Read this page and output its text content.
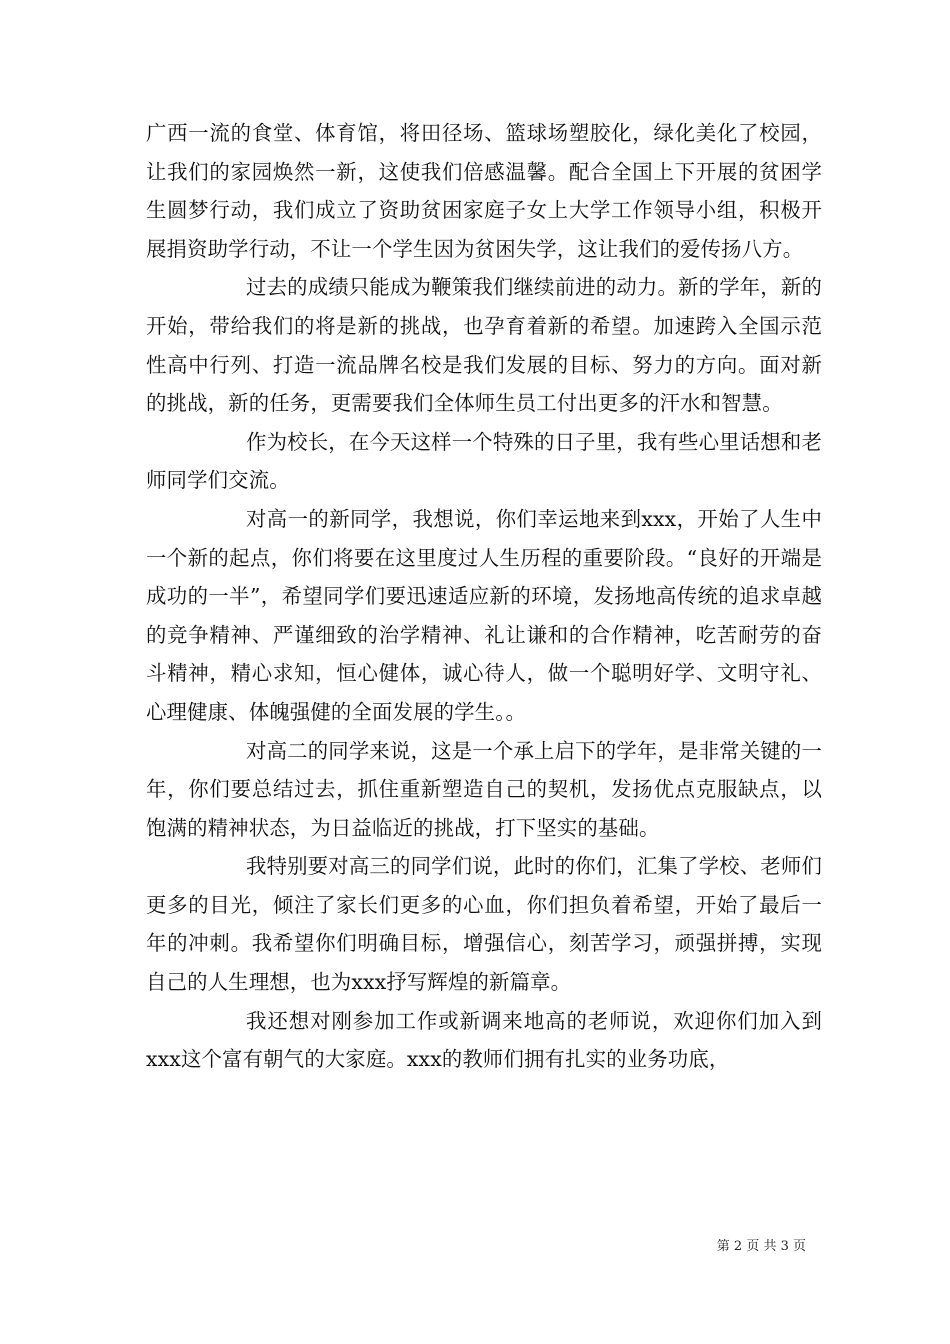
广西一流的食堂、体育馆，将田径场、篮球场塑胶化，绿化美化了校园，让我们的家园焕然一新，这使我们倍感温馨。配合全国上下开展的贫困学生圆梦行动，我们成立了资助贫困家庭子女上大学工作领导小组，积极开展捐资助学行动，不让一个学生因为贫困失学，这让我们的爱传扬八方。

过去的成绩只能成为鞭策我们继续前进的动力。新的学年，新的开始，带给我们的将是新的挑战，也孕育着新的希望。加速跨入全国示范性高中行列、打造一流品牌名校是我们发展的目标、努力的方向。面对新的挑战，新的任务，更需要我们全体师生员工付出更多的汗水和智慧。

作为校长，在今天这样一个特殊的日子里，我有些心里话想和老师同学们交流。

对高一的新同学，我想说，你们幸运地来到xxx，开始了人生中一个新的起点，你们将要在这里度过人生历程的重要阶段。“良好的开端是成功的一半”，希望同学们要迅速适应新的环境，发扬地高传统的追求卓越的竞争精神、严谨细致的治学精神、礼让谦和的合作精神，吃苦耐劳的奋斗精神，精心求知，恒心健体，诚心待人，做一个聪明好学、文明守礼、心理健康、体魄强健的全面发展的学生。。

对高二的同学来说，这是一个承上启下的学年，是非常关键的一年，你们要总结过去，抓住重新塑造自己的契机，发扬优点克服缺点，以饱满的精神状态，为日益临近的挑战，打下坚实的基础。

我特别要对高三的同学们说，此时的你们，汇集了学校、老师们更多的目光，倾注了家长们更多的心血，你们担负着希望，开始了最后一年的冲刺。我希望你们明确目标，增强信心，刻苦学习，顽强拼搏，实现自己的人生理想，也为xxx抒写辉煌的新篇章。

我还想对刚参加工作或新调来地高的老师说，欢迎你们加入到xxx这个富有朝气的大家庭。xxx的教师们拥有扎实的业务功底，

第 2 页 共 3 页
